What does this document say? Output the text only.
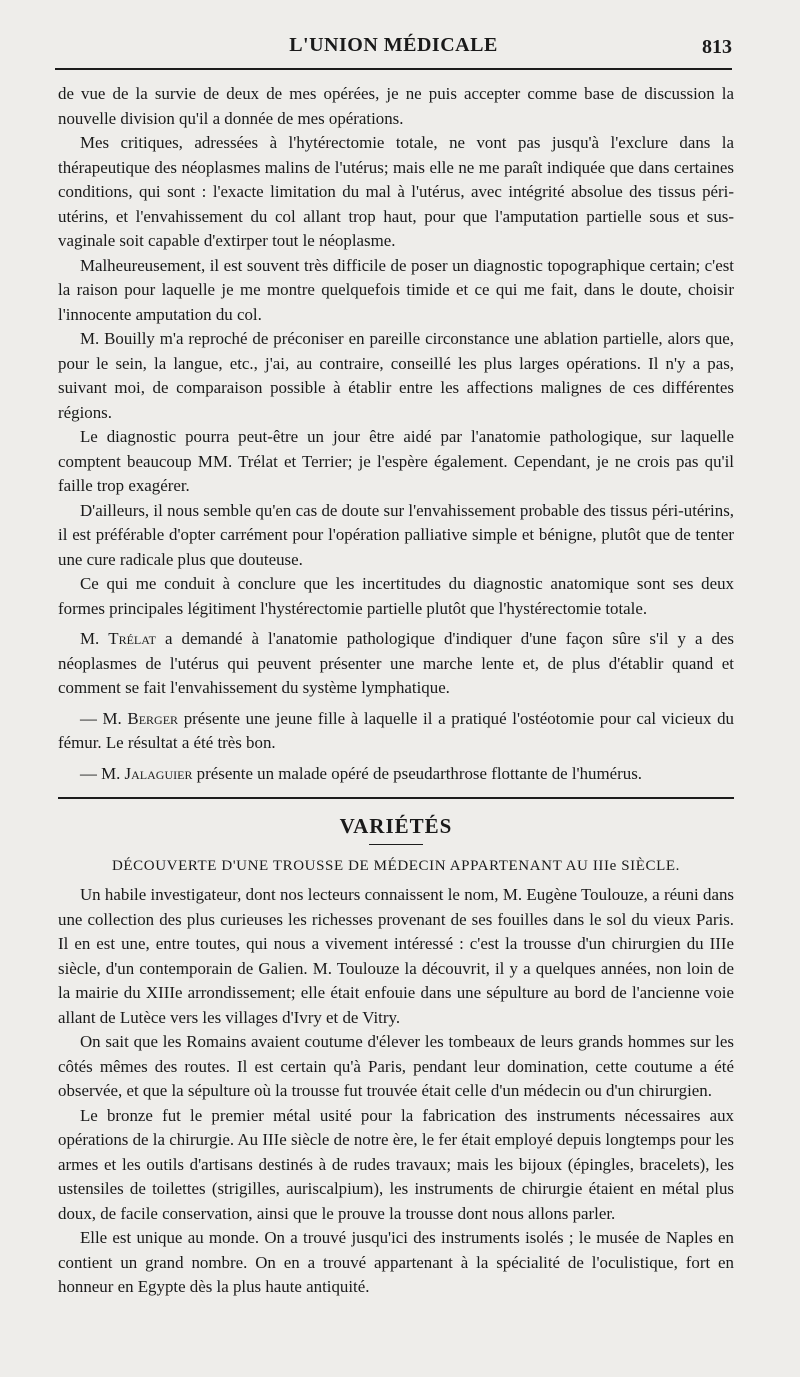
L'UNION MÉDICALE	813

de vue de la survie de deux de mes opérées, je ne puis accepter comme base de discussion la nouvelle division qu'il a donnée de mes opérations.

Mes critiques, adressées à l'hytérectomie totale, ne vont pas jusqu'à l'exclure dans la thérapeutique des néoplasmes malins de l'utérus; mais elle ne me paraît indiquée que dans certaines conditions, qui sont : l'exacte limitation du mal à l'utérus, avec intégrité absolue des tissus péri-utérins, et l'envahissement du col allant trop haut, pour que l'amputation partielle sous et sus-vaginale soit capable d'extirper tout le néoplasme.

Malheureusement, il est souvent très difficile de poser un diagnostic topographique certain; c'est la raison pour laquelle je me montre quelquefois timide et ce qui me fait, dans le doute, choisir l'innocente amputation du col.

M. Bouilly m'a reproché de préconiser en pareille circonstance une ablation partielle, alors que, pour le sein, la langue, etc., j'ai, au contraire, conseillé les plus larges opérations. Il n'y a pas, suivant moi, de comparaison possible à établir entre les affections malignes de ces différentes régions.

Le diagnostic pourra peut-être un jour être aidé par l'anatomie pathologique, sur laquelle comptent beaucoup MM. Trélat et Terrier; je l'espère également. Cependant, je ne crois pas qu'il faille trop exagérer.

D'ailleurs, il nous semble qu'en cas de doute sur l'envahissement probable des tissus péri-utérins, il est préférable d'opter carrément pour l'opération palliative simple et bénigne, plutôt que de tenter une cure radicale plus que douteuse.

Ce qui me conduit à conclure que les incertitudes du diagnostic anatomique sont ses deux formes principales légitiment l'hystérectomie partielle plutôt que l'hystérectomie totale.

M. Trélat a demandé à l'anatomie pathologique d'indiquer d'une façon sûre s'il y a des néoplasmes de l'utérus qui peuvent présenter une marche lente et, de plus d'établir quand et comment se fait l'envahissement du système lymphatique.

— M. Berger présente une jeune fille à laquelle il a pratiqué l'ostéotomie pour cal vicieux du fémur. Le résultat a été très bon.

— M. Jalaguier présente un malade opéré de pseudarthrose flottante de l'humérus.

VARIÉTÉS
DÉCOUVERTE D'UNE TROUSSE DE MÉDECIN APPARTENANT AU IIIe SIÈCLE.

Un habile investigateur, dont nos lecteurs connaissent le nom, M. Eugène Toulouze, a réuni dans une collection des plus curieuses les richesses provenant de ses fouilles dans le sol du vieux Paris. Il en est une, entre toutes, qui nous a vivement intéressé : c'est la trousse d'un chirurgien du IIIe siècle, d'un contemporain de Galien. M. Toulouze la découvrit, il y a quelques années, non loin de la mairie du XIIIe arrondissement; elle était enfouie dans une sépulture au bord de l'ancienne voie allant de Lutèce vers les villages d'Ivry et de Vitry.

On sait que les Romains avaient coutume d'élever les tombeaux de leurs grands hommes sur les côtés mêmes des routes. Il est certain qu'à Paris, pendant leur domination, cette coutume a été observée, et que la sépulture où la trousse fut trouvée était celle d'un médecin ou d'un chirurgien.

Le bronze fut le premier métal usité pour la fabrication des instruments nécessaires aux opérations de la chirurgie. Au IIIe siècle de notre ère, le fer était employé depuis longtemps pour les armes et les outils d'artisans destinés à de rudes travaux; mais les bijoux (épingles, bracelets), les ustensiles de toilettes (strigilles, auriscalpium), les instruments de chirurgie étaient en métal plus doux, de facile conservation, ainsi que le prouve la trousse dont nous allons parler.

Elle est unique au monde. On a trouvé jusqu'ici des instruments isolés ; le musée de Naples en contient un grand nombre. On en a trouvé appartenant à la spécialité de l'oculistique, fort en honneur en Egypte dès la plus haute antiquité.
